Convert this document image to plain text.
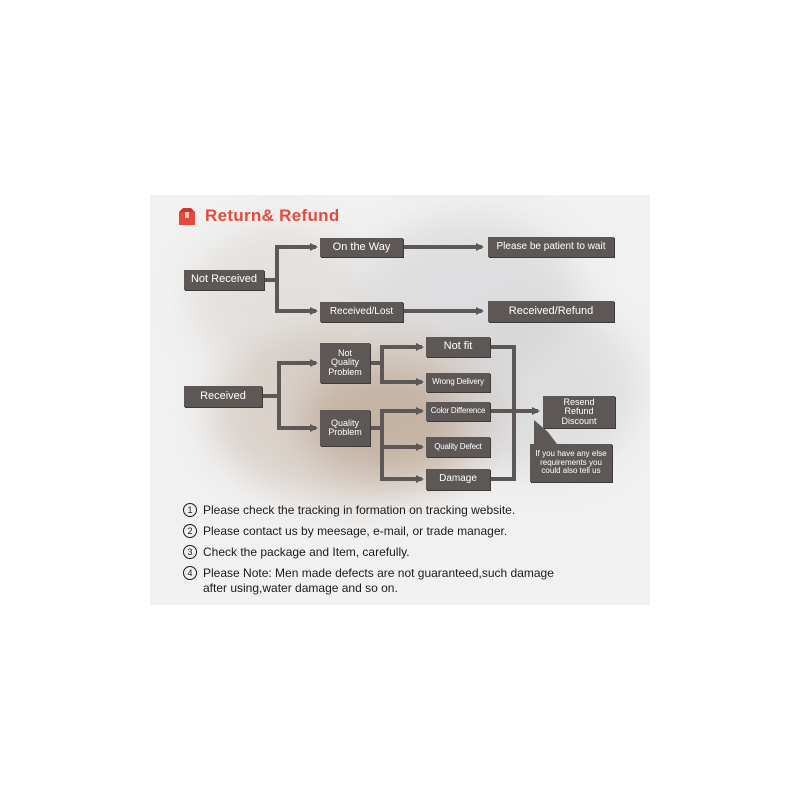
Return& Refund
Not Received
On the Way	Please be patient to wait
Received/Lost	Received/Refund
Received
Not
Quality
Problem
Quality
Problem
Not fit
Wrong Delivery
Color Difference
Quality Defect
Damage
Resend
Refund
Discount
If you have any else
requirements you
could also tell us
1 Please check the tracking in formation on tracking website.
2 Please contact us by meesage, e-mail, or trade manager.
3 Check the package and Item, carefully.
4 Please Note: Men made defects are not guaranteed,such damage
after using,water damage and so on.
